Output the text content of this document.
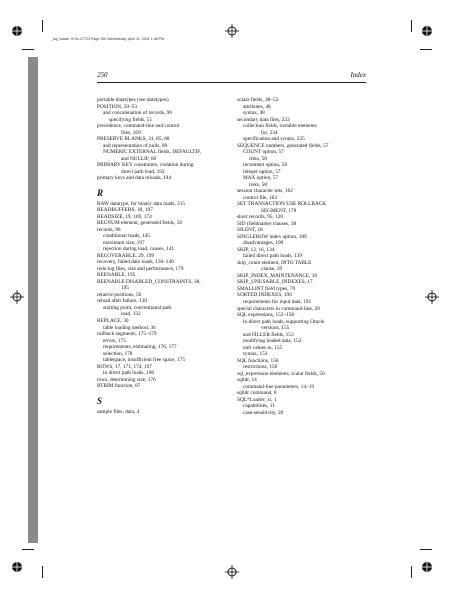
_sql_loader IX.fm.27723 Page 250 Wednesday, April 11, 2001 1:48 PM
250	Index
portable datatypes (see datatypes)
POSITION, 50–53
and concatenation of records, 96
specifying fields, 51
precedence, command-line and control
files, 169
PRESERVE BLANKS, 31, 85, 88
and representation of nulls, 89
NUMERIC EXTERNAL fields, DEFAULTIF,
and NULLIF, 86
PRIMARY KEY constraints, violation during
direct path load, 192
primary keys and data reloads, 144
R
RAW datatype, for binary data loads, 215
READBUFFERS, 30, 197
READSIZE, 19, 169, 174
RECNUM element, generated fields, 56
records, 96
conditional loads, 145
maximum size, 197
rejection during load, causes, 141
RECOVERABLE, 29, 199
recovery, failed data loads, 130–140
redo log files, size and performance, 179
REENABLE, 195
REENABLE DISABLED_CONSTRAINTS, 38,
195
relative positions, 50
reload after failure, 130
starting point, conventional path
load, 132
REPLACE, 30
table loading method, 36
rollback segments, 175–179
errors, 175
requirements, estimating, 176, 177
selection, 178
tablespace, insufficient free space, 175
ROWS, 17, 171, 174, 197
in direct path loads, 196
rows, determining size, 176
RTRIM function, 87
S
sample files, data, 4
scalar fields, 48–53
attributes, 48
syntax, 48
secondary data files, 233
collection fields, variable elements
for, 234
specification and syntax, 235
SEQUENCE numbers, generated fields, 57
COUNT option, 57
risks, 58
increment option, 58
integer option, 57
MAX option, 57
risks, 58
session character sets, 162
control file, 163
SET TRANSACTION USE ROLLBACK
SEGMENT, 178
short records, 95, 120
SID (fieldname) clauses, 38
SILENT, 18
SINGLEROW index option, 189
disadvantages, 190
SKIP, 12, 16, 134
failed direct path loads, 139
skip_count element, INTO TABLE
clause, 39
SKIP_INDEX_MAINTENANCE, 16
SKIP_UNUSABLE_INDEXES, 17
SMALLINT field types, 70
SORTED INDEXES, 190
requirements for input data, 191
special characters in command-line, 20
SQL expressions, 152–158
in direct path loads, supporting Oracle
versions, 155
and FILLER fields, 153
modifying loaded data, 152
null values in, 155
syntax, 153
SQL functions, 156
restrictions, 158
sql_expression elements, scalar fields, 50
sqlldr, 14
command-line parameters, 14–19
sqlldr command, 8
SQL*Loader, xi, 1
capabilities, 11
case-sensitivity, 20
